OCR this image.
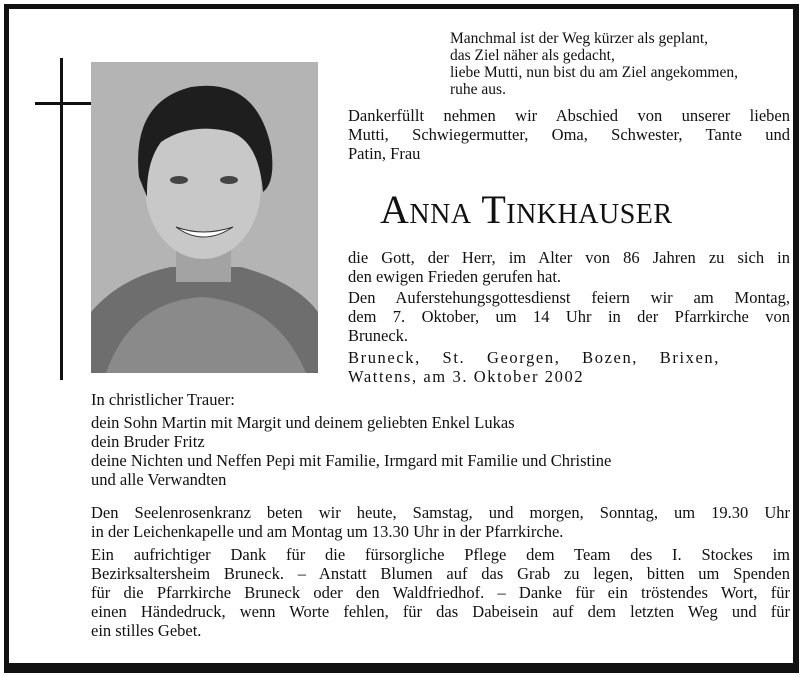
Manchmal ist der Weg kürzer als geplant,
das Ziel näher als gedacht,
liebe Mutti, nun bist du am Ziel angekommen,
ruhe aus.
Dankerfüllt nehmen wir Abschied von unserer lieben
Mutti, Schwiegermutter, Oma, Schwester, Tante und
Patin, Frau
Anna Tinkhauser
die Gott, der Herr, im Alter von 86 Jahren zu sich in
den ewigen Frieden gerufen hat.
Den Auferstehungsgottesdienst feiern wir am Montag,
dem 7. Oktober, um 14 Uhr in der Pfarrkirche von
Bruneck.
Bruneck, St. Georgen, Bozen, Brixen,
Wattens, am 3. Oktober 2002
In christlicher Trauer:
dein Sohn Martin mit Margit und deinem geliebten Enkel Lukas
dein Bruder Fritz
deine Nichten und Neffen Pepi mit Familie, Irmgard mit Familie und Christine
und alle Verwandten
Den Seelenrosenkranz beten wir heute, Samstag, und morgen, Sonntag, um 19.30 Uhr
in der Leichenkapelle und am Montag um 13.30 Uhr in der Pfarrkirche.
Ein aufrichtiger Dank für die fürsorgliche Pflege dem Team des I. Stockes im
Bezirksaltersheim Bruneck. – Anstatt Blumen auf das Grab zu legen, bitten um Spenden
für die Pfarrkirche Bruneck oder den Waldfriedhof. – Danke für ein tröstendes Wort, für
einen Händedruck, wenn Worte fehlen, für das Dabeisein auf dem letzten Weg und für
ein stilles Gebet.
